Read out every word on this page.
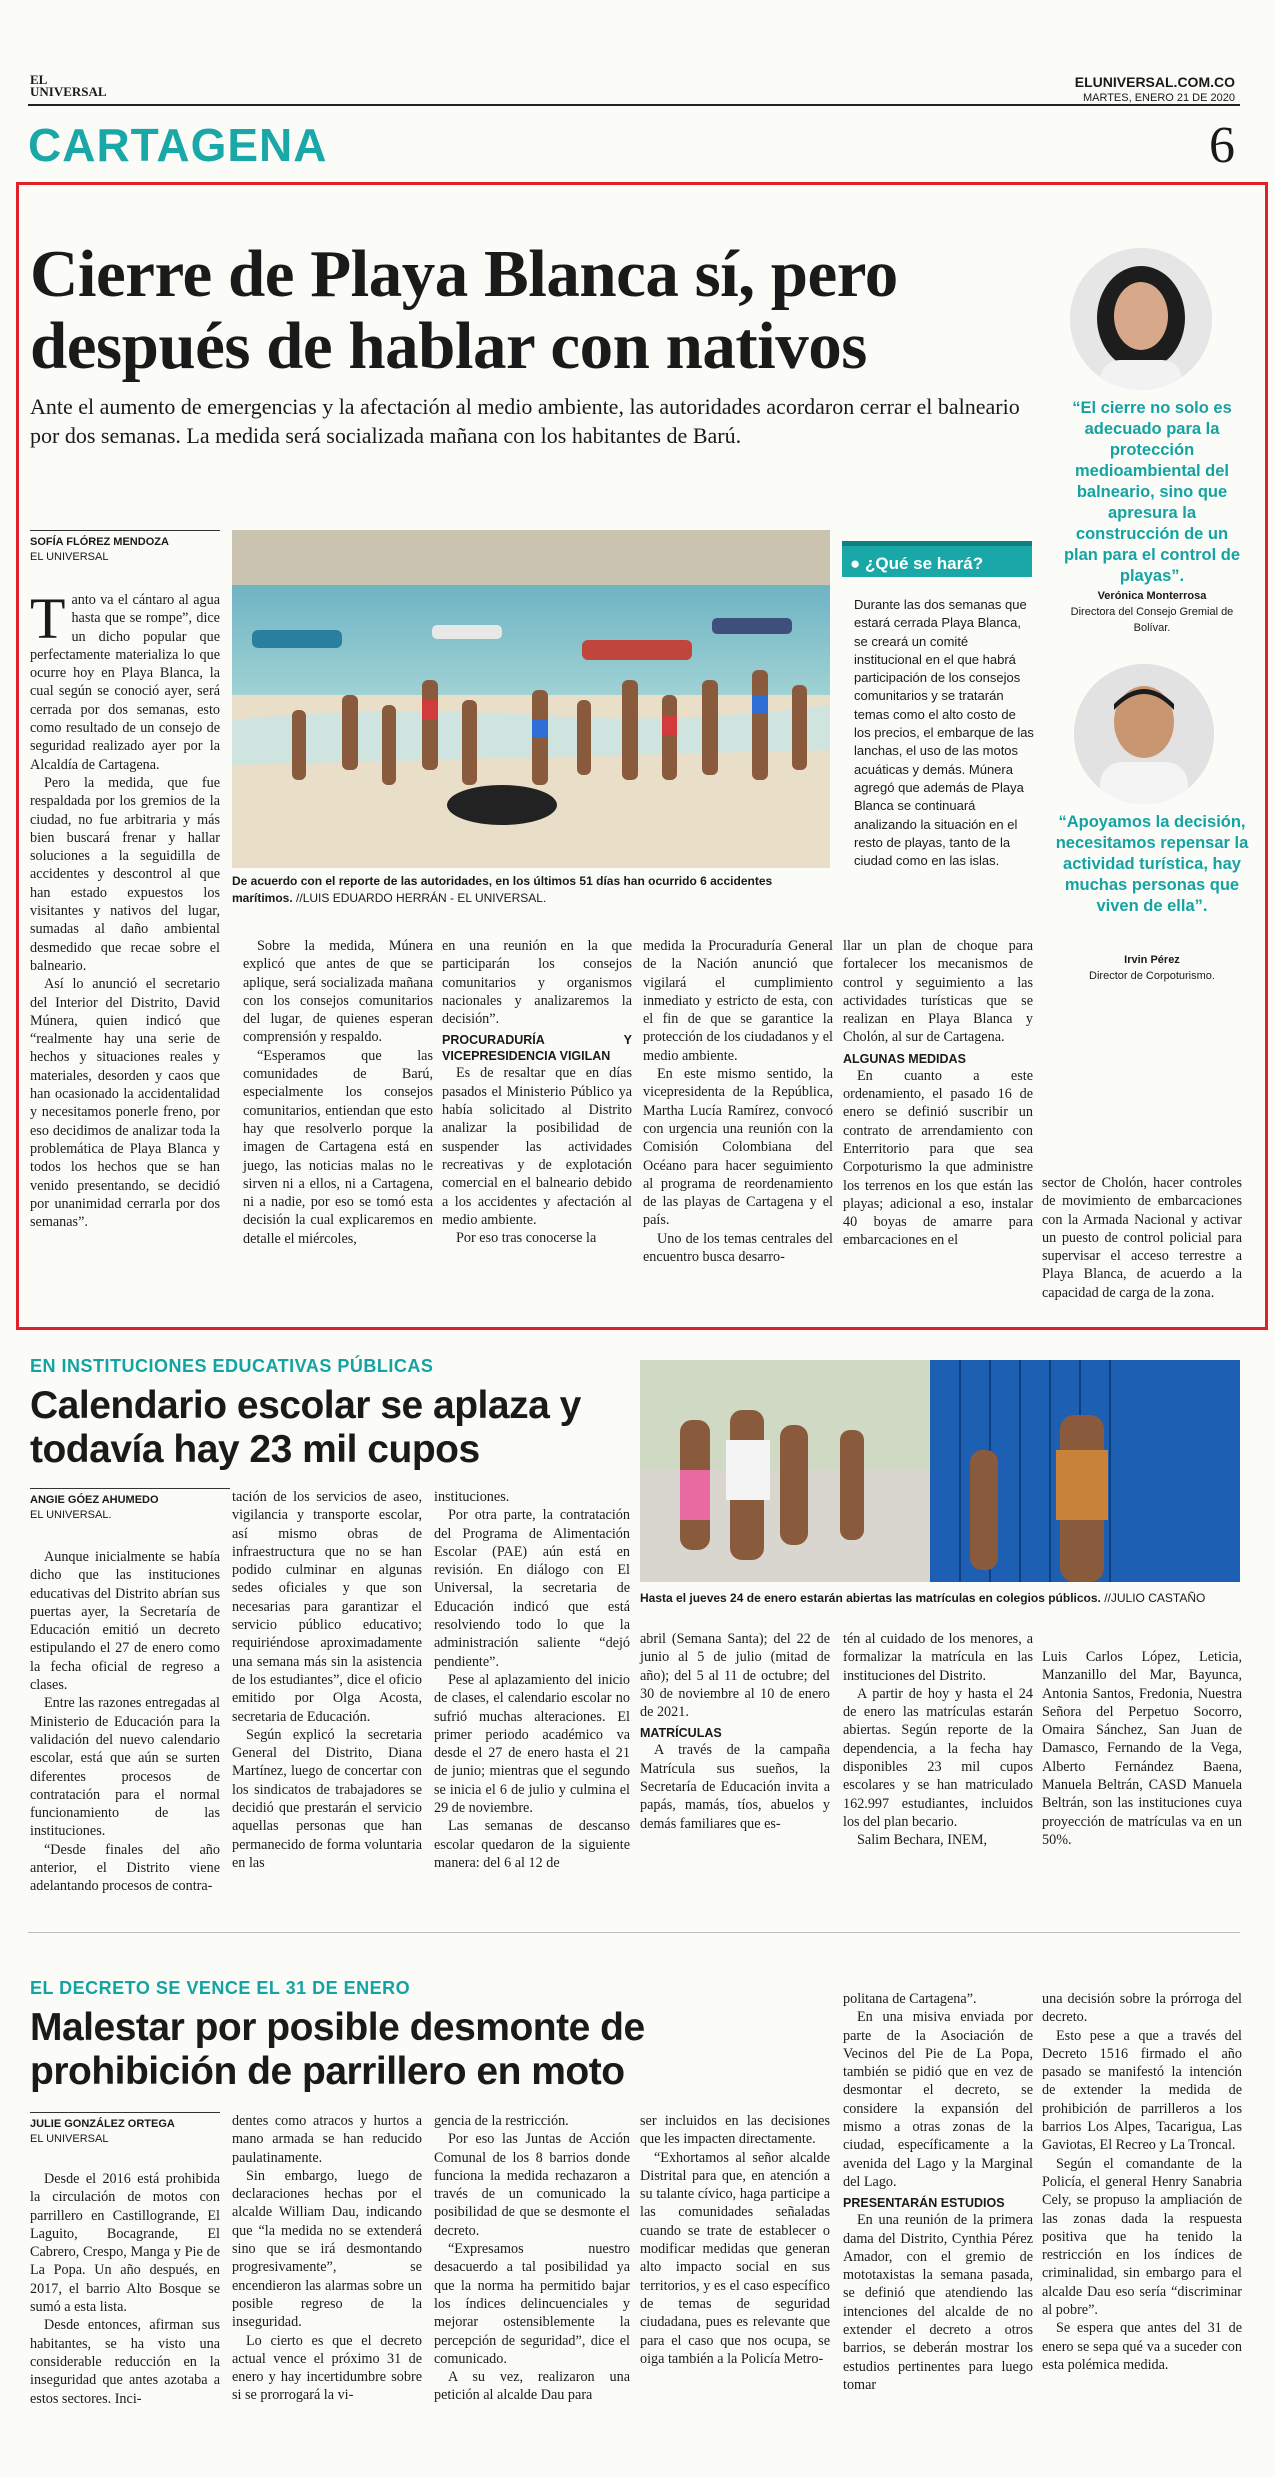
EL
UNIVERSAL
ELUNIVERSAL.COM.CO
MARTES, ENERO 21 DE 2020
CARTAGENA	6
Cierre de Playa Blanca sí, pero después de hablar con nativos
Ante el aumento de emergencias y la afectación al medio ambiente, las autoridades acordaron cerrar el balneario por dos semanas. La medida será socializada mañana con los habitantes de Barú.
SOFÍA FLÓREZ MENDOZA
EL UNIVERSAL
De acuerdo con el reporte de las autoridades, en los últimos 51 días han ocurrido 6 accidentes marítimos. //LUIS EDUARDO HERRÁN - EL UNIVERSAL.

Tanto va el cántaro al agua hasta que se rompe”, dice un dicho popular que perfectamente materializa lo que ocurre hoy en Playa Blanca, la cual según se conoció ayer, será cerrada por dos semanas, esto como resultado de un consejo de seguridad realizado ayer por la Alcaldía de Cartagena.

Pero la medida, que fue respaldada por los gremios de la ciudad, no fue arbitraria y más bien buscará frenar y hallar soluciones a la seguidilla de accidentes y descontrol al que han estado expuestos los visitantes y nativos del lugar, sumadas al daño ambiental desmedido que recae sobre el balneario.

Así lo anunció el secretario del Interior del Distrito, David Múnera, quien indicó que “realmente hay una serie de hechos y situaciones reales y materiales, desorden y caos que han ocasionado la accidentalidad y necesitamos ponerle freno, por eso decidimos de analizar toda la problemática de Playa Blanca y todos los hechos que se han venido presentando, se decidió por unanimidad cerrarla por dos semanas”.

Sobre la medida, Múnera explicó que antes de que se aplique, será socializada mañana con los consejos comunitarios del lugar, de quienes esperan comprensión y respaldo.

“Esperamos que las comunidades de Barú, especialmente los consejos comunitarios, entiendan que esto hay que resolverlo porque la imagen de Cartagena está en juego, las noticias malas no le sirven ni a ellos, ni a Cartagena, ni a nadie, por eso se tomó esta decisión la cual explicaremos en detalle el miércoles,

en una reunión en la que participarán los consejos comunitarios y organismos nacionales y analizaremos la decisión”.

PROCURADURÍA Y VICEPRESIDENCIA VIGILAN

Es de resaltar que en días pasados el Ministerio Público ya había solicitado al Distrito analizar la posibilidad de suspender las actividades recreativas y de explotación comercial en el balneario debido a los accidentes y afectación al medio ambiente.

Por eso tras conocerse la

medida la Procuraduría General de la Nación anunció que vigilará el cumplimiento inmediato y estricto de esta, con el fin de que se garantice la protección de los ciudadanos y el medio ambiente.

En este mismo sentido, la vicepresidenta de la República, Martha Lucía Ramírez, convocó con urgencia una reunión con la Comisión Colombiana del Océano para hacer seguimiento al programa de reordenamiento de las playas de Cartagena y el país.

Uno de los temas centrales del encuentro busca desarro-

llar un plan de choque para fortalecer los mecanismos de control y seguimiento a las actividades turísticas que se realizan en Playa Blanca y Cholón, al sur de Cartagena.

ALGUNAS MEDIDAS

En cuanto a este ordenamiento, el pasado 16 de enero se definió suscribir un contrato de arrendamiento con Enterritorio para que sea Corpoturismo la que administre los terrenos en los que están las playas; adicional a eso, instalar 40 boyas de amarre para embarcaciones en el

sector de Cholón, hacer controles de movimiento de embarcaciones con la Armada Nacional y activar un puesto de control policial para supervisar el acceso terrestre a Playa Blanca, de acuerdo a la capacidad de carga de la zona.

● ¿Qué se hará?
Durante las dos semanas que estará cerrada Playa Blanca, se creará un comité institucional en el que habrá participación de los consejos comunitarios y se tratarán temas como el alto costo de los precios, el embarque de las lanchas, el uso de las motos acuáticas y demás. Múnera agregó que además de Playa Blanca se continuará analizando la situación en el resto de playas, tanto de la ciudad como en las islas.
“El cierre no solo es adecuado para la protección medioambiental del balneario, sino que apresura la construcción de un plan para el control de playas”.
Verónica Monterrosa
Directora del Consejo Gremial de Bolívar.
“Apoyamos la decisión, necesitamos repensar la actividad turística, hay muchas personas que viven de ella”.
Irvin Pérez
Director de Corpoturismo.
EN INSTITUCIONES EDUCATIVAS PÚBLICAS
Calendario escolar se aplaza y todavía hay 23 mil cupos
ANGIE GÓEZ AHUMEDO
EL UNIVERSAL.
Hasta el jueves 24 de enero estarán abiertas las matrículas en colegios públicos. //JULIO CASTAÑO

Aunque inicialmente se había dicho que las instituciones educativas del Distrito abrían sus puertas ayer, la Secretaría de Educación emitió un decreto estipulando el 27 de enero como la fecha oficial de regreso a clases.

Entre las razones entregadas al Ministerio de Educación para la validación del nuevo calendario escolar, está que aún se surten diferentes procesos de contratación para el normal funcionamiento de las instituciones.

“Desde finales del año anterior, el Distrito viene adelantando procesos de contra-

tación de los servicios de aseo, vigilancia y transporte escolar, así mismo obras de infraestructura que no se han podido culminar en algunas sedes oficiales y que son necesarias para garantizar el servicio público educativo; requiriéndose aproximadamente una semana más sin la asistencia de los estudiantes”, dice el oficio emitido por Olga Acosta, secretaria de Educación.

Según explicó la secretaria General del Distrito, Diana Martínez, luego de concertar con los sindicatos de trabajadores se decidió que prestarán el servicio aquellas personas que han permanecido de forma voluntaria en las

instituciones.

Por otra parte, la contratación del Programa de Alimentación Escolar (PAE) aún está en revisión. En diálogo con El Universal, la secretaria de Educación indicó que está resolviendo todo lo que la administración saliente “dejó pendiente”.

Pese al aplazamiento del inicio de clases, el calendario escolar no sufrió muchas alteraciones. El primer periodo académico va desde el 27 de enero hasta el 21 de junio; mientras que el segundo se inicia el 6 de julio y culmina el 29 de noviembre.

Las semanas de descanso escolar quedaron de la siguiente manera: del 6 al 12 de

abril (Semana Santa); del 22 de junio al 5 de julio (mitad de año); del 5 al 11 de octubre; del 30 de noviembre al 10 de enero de 2021.

MATRÍCULAS

A través de la campaña Matrícula sus sueños, la Secretaría de Educación invita a papás, mamás, tíos, abuelos y demás familiares que es-

tén al cuidado de los menores, a formalizar la matrícula en las instituciones del Distrito.

A partir de hoy y hasta el 24 de enero las matrículas estarán abiertas. Según reporte de la dependencia, a la fecha hay disponibles 23 mil cupos escolares y se han matriculado 162.997 estudiantes, incluidos los del plan becario.

Salim Bechara, INEM,

Luis Carlos López, Leticia, Manzanillo del Mar, Bayunca, Antonia Santos, Fredonia, Nuestra Señora del Perpetuo Socorro, Omaira Sánchez, San Juan de Damasco, Fernando de la Vega, Alberto Fernández Baena, Manuela Beltrán, CASD Manuela Beltrán, son las instituciones cuya proyección de matrículas va en un 50%.

EL DECRETO SE VENCE EL 31 DE ENERO
Malestar por posible desmonte de prohibición de parrillero en moto
JULIE GONZÁLEZ ORTEGA
EL UNIVERSAL

Desde el 2016 está prohibida la circulación de motos con parrillero en Castillogrande, El Laguito, Bocagrande, El Cabrero, Crespo, Manga y Pie de La Popa. Un año después, en 2017, el barrio Alto Bosque se sumó a esta lista.

Desde entonces, afirman sus habitantes, se ha visto una considerable reducción en la inseguridad que antes azotaba a estos sectores. Inci-

dentes como atracos y hurtos a mano armada se han reducido paulatinamente.

Sin embargo, luego de declaraciones hechas por el alcalde William Dau, indicando que “la medida no se extenderá sino que se irá desmontando progresivamente”, se encendieron las alarmas sobre un posible regreso de la inseguridad.

Lo cierto es que el decreto actual vence el próximo 31 de enero y hay incertidumbre sobre si se prorrogará la vi-

gencia de la restricción.

Por eso las Juntas de Acción Comunal de los 8 barrios donde funciona la medida rechazaron a través de un comunicado la posibilidad de que se desmonte el decreto.

“Expresamos nuestro desacuerdo a tal posibilidad ya que la norma ha permitido bajar los índices delincuenciales y mejorar ostensiblemente la percepción de seguridad”, dice el comunicado.

A su vez, realizaron una petición al alcalde Dau para

ser incluidos en las decisiones que les impacten directamente.

“Exhortamos al señor alcalde Distrital para que, en atención a su talante cívico, haga participe a las comunidades señaladas cuando se trate de establecer o modificar medidas que generan alto impacto social en sus territorios, y es el caso específico de temas de seguridad ciudadana, pues es relevante que para el caso que nos ocupa, se oiga también a la Policía Metro-

politana de Cartagena”.

En una misiva enviada por parte de la Asociación de Vecinos del Pie de La Popa, también se pidió que en vez de desmontar el decreto, se considere la expansión del mismo a otras zonas de la ciudad, específicamente a la avenida del Lago y la Marginal del Lago.

PRESENTARÁN ESTUDIOS

En una reunión de la primera dama del Distrito, Cynthia Pérez Amador, con el gremio de mototaxistas la semana pasada, se definió que atendiendo las intenciones del alcalde de no extender el decreto a otros barrios, se deberán mostrar los estudios pertinentes para luego tomar

una decisión sobre la prórroga del decreto.

Esto pese a que a través del Decreto 1516 firmado el año pasado se manifestó la intención de extender la medida de prohibición de parrilleros a los barrios Los Alpes, Tacarigua, Las Gaviotas, El Recreo y La Troncal.

Según el comandante de la Policía, el general Henry Sanabria Cely, se propuso la ampliación de las zonas dada la respuesta positiva que ha tenido la restricción en los índices de criminalidad, sin embargo para el alcalde Dau eso sería “discriminar al pobre”.

Se espera que antes del 31 de enero se sepa qué va a suceder con esta polémica medida.
